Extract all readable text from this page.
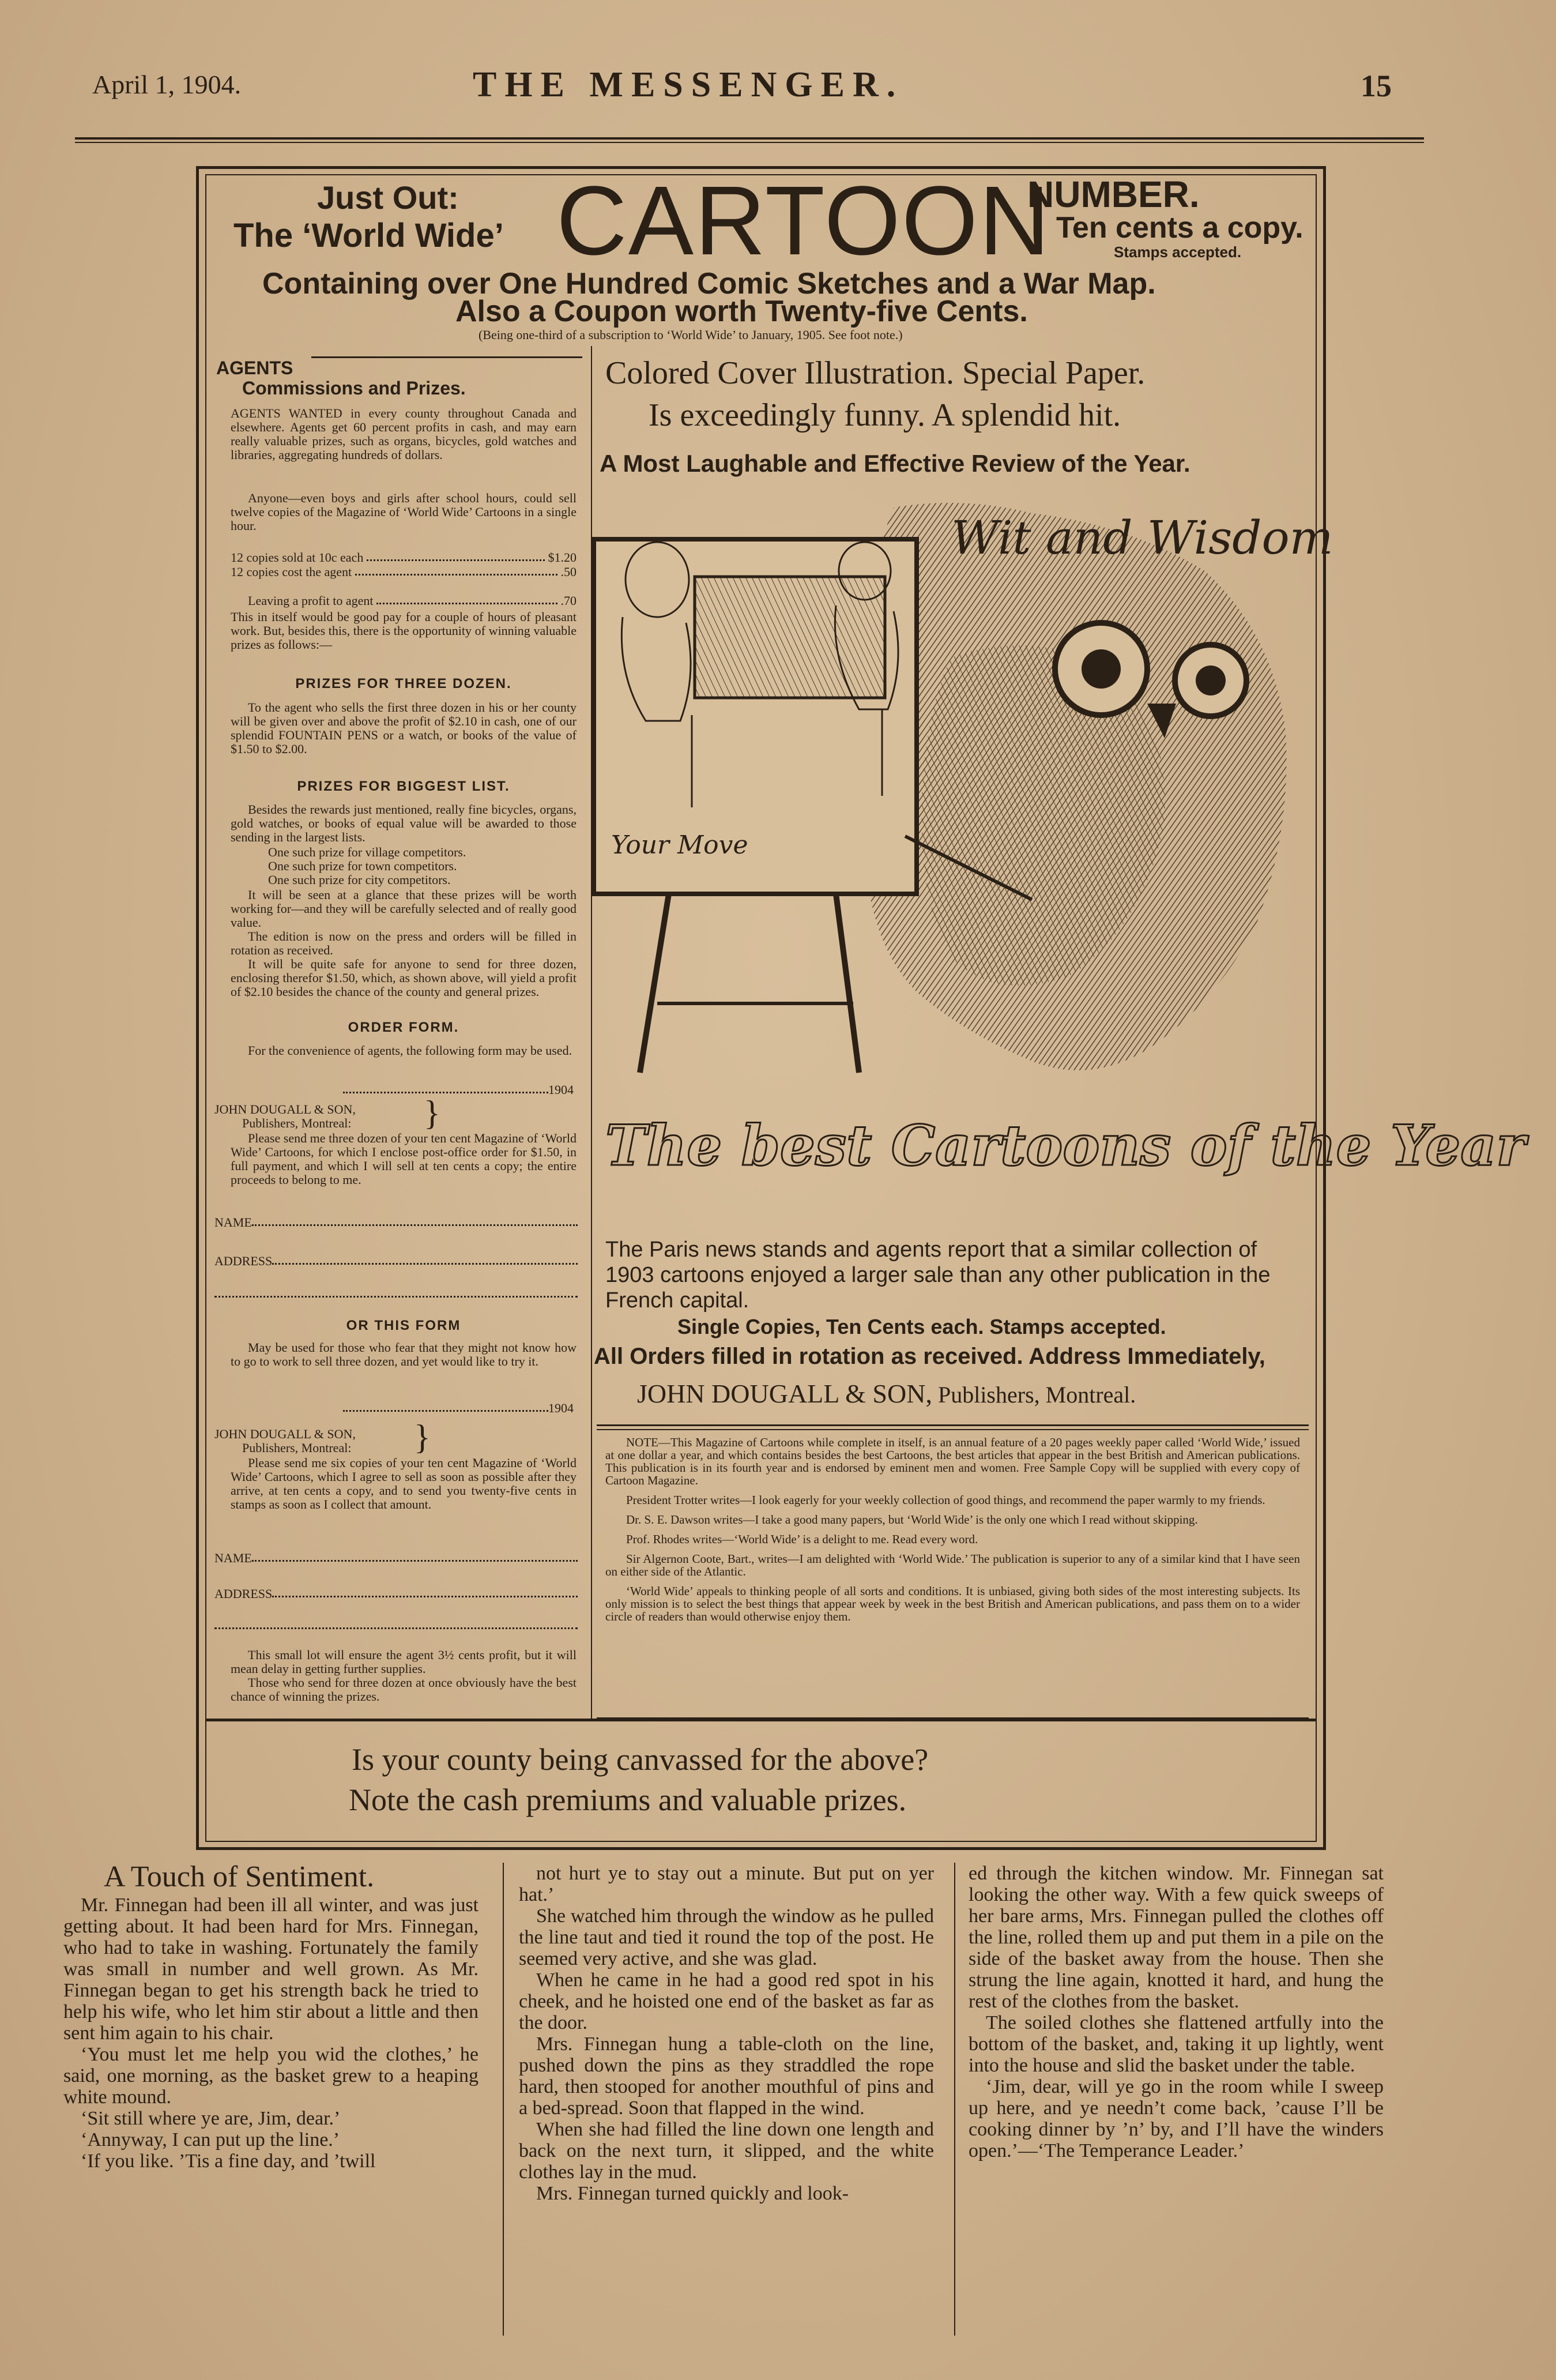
April 1, 1904.	THE MESSENGER.	15
Just Out:
The ‘World Wide’ CARTOON
NUMBER.
Ten cents a copy.
Stamps accepted.
Containing over One Hundred Comic Sketches and a War Map.
Also a Coupon worth Twenty-five Cents.
(Being one-third of a subscription to ‘World Wide’ to January, 1905. See foot note.)
AGENTS
Commissions and Prizes.
AGENTS WANTED in every county throughout Canada and elsewhere. Agents get 60 percent profits in cash, and may earn really valuable prizes, such as organs, bicycles, gold watches and libraries, aggregating hundreds of dollars.
Anyone—even boys and girls after school hours, could sell twelve copies of the Magazine of ‘World Wide’ Cartoons in a single hour.
12 copies sold at 10c each	$1.20
12 copies cost the agent	.50
Leaving a profit to agent	.70
This in itself would be good pay for a couple of hours of pleasant work. But, besides this, there is the opportunity of winning valuable prizes as follows:—
PRIZES FOR THREE DOZEN.
To the agent who sells the first three dozen in his or her county will be given over and above the profit of $2.10 in cash, one of our splendid FOUNTAIN PENS or a watch, or books of the value of $1.50 to $2.00.
PRIZES FOR BIGGEST LIST.
Besides the rewards just mentioned, really fine bicycles, organs, gold watches, or books of equal value will be awarded to those sending in the largest lists.
One such prize for village competitors.
One such prize for town competitors.
One such prize for city competitors.
It will be seen at a glance that these prizes will be worth working for—and they will be carefully selected and of really good value.
The edition is now on the press and orders will be filled in rotation as received.
It will be quite safe for anyone to send for three dozen, enclosing therefor $1.50, which, as shown above, will yield a profit of $2.10 besides the chance of the county and general prizes.
ORDER FORM.
For the convenience of agents, the following form may be used.
1904
JOHN DOUGALL & SON,
Publishers, Montreal:	}
Please send me three dozen of your ten cent Magazine of ‘World Wide’ Cartoons, for which I enclose post-office order for $1.50, in full payment, and which I will sell at ten cents a copy; the entire proceeds to belong to me.
NAME
ADDRESS
OR THIS FORM
May be used for those who fear that they might not know how to go to work to sell three dozen, and yet would like to try it.
1904
JOHN DOUGALL & SON,
Publishers, Montreal:	}
Please send me six copies of your ten cent Magazine of ‘World Wide’ Cartoons, which I agree to sell as soon as possible after they arrive, at ten cents a copy, and to send you twenty-five cents in stamps as soon as I collect that amount.
NAME
ADDRESS
This small lot will ensure the agent 3½ cents profit, but it will mean delay in getting further supplies.
Those who send for three dozen at once obviously have the best chance of winning the prizes.
Colored Cover Illustration. Special Paper.
Is exceedingly funny. A splendid hit.
A Most Laughable and Effective Review of the Year.
Wit and Wisdom
Your Move
The best Cartoons of the Year
The Paris news stands and agents report that a similar collection of 1903 cartoons enjoyed a larger sale than any other publication in the French capital.
Single Copies, Ten Cents each. Stamps accepted.
All Orders filled in rotation as received. Address Immediately,
JOHN DOUGALL & SON, Publishers, Montreal.

NOTE—This Magazine of Cartoons while complete in itself, is an annual feature of a 20 pages weekly paper called ‘World Wide,’ issued at one dollar a year, and which contains besides the best Cartoons, the best articles that appear in the best British and American publications. This publication is in its fourth year and is endorsed by eminent men and women. Free Sample Copy will be supplied with every copy of Cartoon Magazine.

President Trotter writes—I look eagerly for your weekly collection of good things, and recommend the paper warmly to my friends.

Dr. S. E. Dawson writes—I take a good many papers, but ‘World Wide’ is the only one which I read without skipping.

Prof. Rhodes writes—‘World Wide’ is a delight to me. Read every word.

Sir Algernon Coote, Bart., writes—I am delighted with ‘World Wide.’ The publication is superior to any of a similar kind that I have seen on either side of the Atlantic.

‘World Wide’ appeals to thinking people of all sorts and conditions. It is unbiased, giving both sides of the most interesting subjects. Its only mission is to select the best things that appear week by week in the best British and American publications, and pass them on to a wider circle of readers than would otherwise enjoy them.

Is your county being canvassed for the above?
Note the cash premiums and valuable prizes.
A Touch of Sentiment.

Mr. Finnegan had been ill all winter, and was just getting about. It had been hard for Mrs. Finnegan, who had to take in washing. Fortunately the family was small in number and well grown. As Mr. Finnegan began to get his strength back he tried to help his wife, who let him stir about a little and then sent him again to his chair.

‘You must let me help you wid the clothes,’ he said, one morning, as the basket grew to a heaping white mound.

‘Sit still where ye are, Jim, dear.’

‘Annyway, I can put up the line.’

‘If you like. ’Tis a fine day, and ’twill

not hurt ye to stay out a minute. But put on yer hat.’

She watched him through the window as he pulled the line taut and tied it round the top of the post. He seemed very active, and she was glad.

When he came in he had a good red spot in his cheek, and he hoisted one end of the basket as far as the door.

Mrs. Finnegan hung a table-cloth on the line, pushed down the pins as they straddled the rope hard, then stooped for another mouthful of pins and a bed-spread. Soon that flapped in the wind.

When she had filled the line down one length and back on the next turn, it slipped, and the white clothes lay in the mud.

Mrs. Finnegan turned quickly and look-

ed through the kitchen window. Mr. Finnegan sat looking the other way. With a few quick sweeps of her bare arms, Mrs. Finnegan pulled the clothes off the line, rolled them up and put them in a pile on the side of the basket away from the house. Then she strung the line again, knotted it hard, and hung the rest of the clothes from the basket.

The soiled clothes she flattened artfully into the bottom of the basket, and, taking it up lightly, went into the house and slid the basket under the table.

‘Jim, dear, will ye go in the room while I sweep up here, and ye needn’t come back, ’cause I’ll be cooking dinner by ’n’ by, and I’ll have the winders open.’—‘The Temperance Leader.’
